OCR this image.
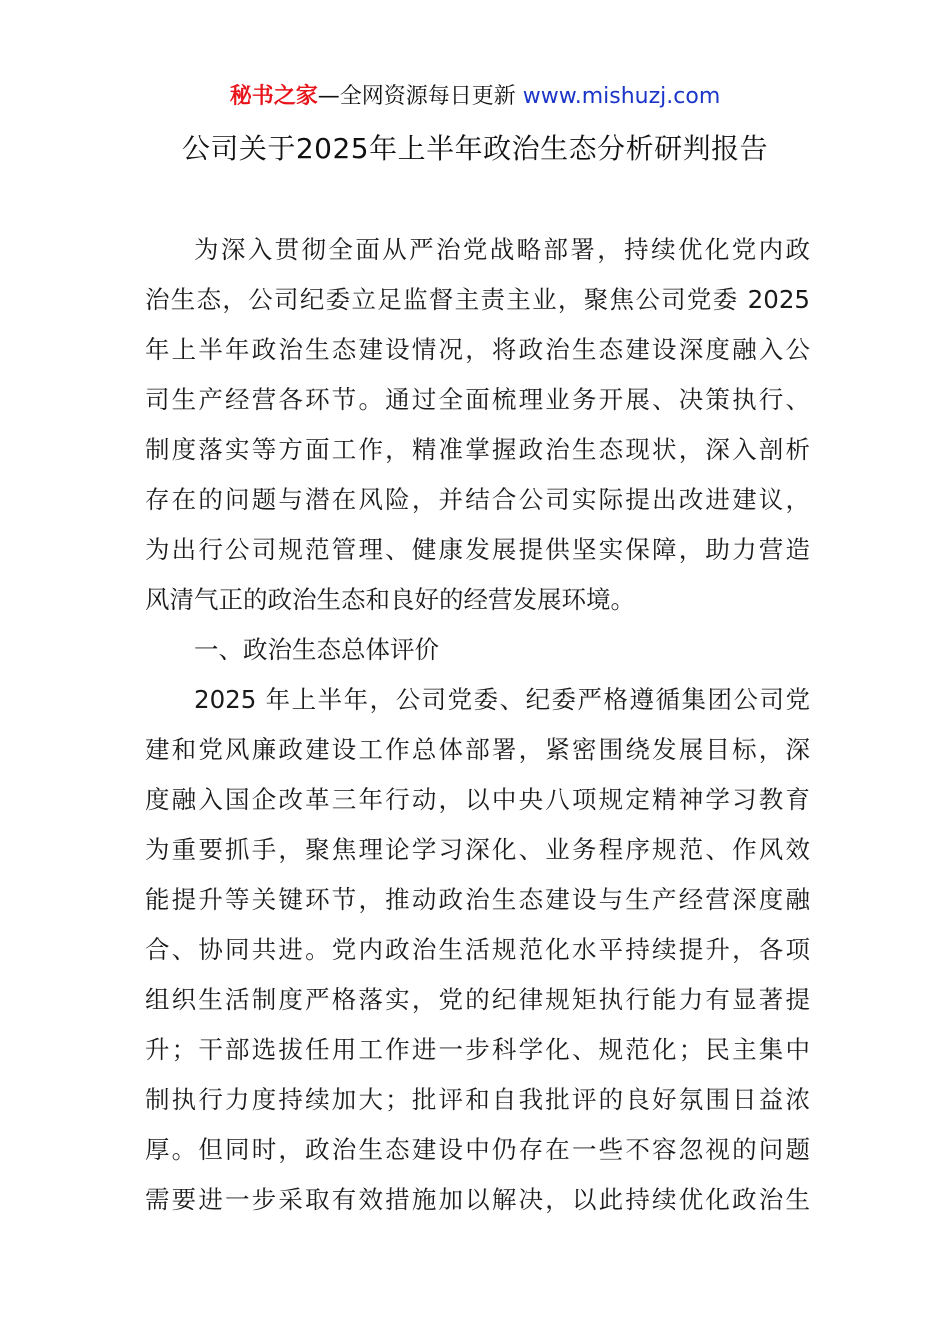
秘书之家—全网资源每日更新 www.mishuzj.com
公司关于2025年上半年政治生态分析研判报告
为深入贯彻全面从严治党战略部署，持续优化党内政
治生态，公司纪委立足监督主责主业，聚焦公司党委 2025
年上半年政治生态建设情况，将政治生态建设深度融入公
司生产经营各环节。通过全面梳理业务开展、决策执行、
制度落实等方面工作，精准掌握政治生态现状，深入剖析
存在的问题与潜在风险，并结合公司实际提出改进建议，
为出行公司规范管理、健康发展提供坚实保障，助力营造
风清气正的政治生态和良好的经营发展环境。
一、政治生态总体评价
2025 年上半年，公司党委、纪委严格遵循集团公司党
建和党风廉政建设工作总体部署，紧密围绕发展目标，深
度融入国企改革三年行动，以中央八项规定精神学习教育
为重要抓手，聚焦理论学习深化、业务程序规范、作风效
能提升等关键环节，推动政治生态建设与生产经营深度融
合、协同共进。党内政治生活规范化水平持续提升，各项
组织生活制度严格落实，党的纪律规矩执行能力有显著提
升；干部选拔任用工作进一步科学化、规范化；民主集中
制执行力度持续加大；批评和自我批评的良好氛围日益浓
厚。但同时，政治生态建设中仍存在一些不容忽视的问题
需要进一步采取有效措施加以解决，以此持续优化政治生
